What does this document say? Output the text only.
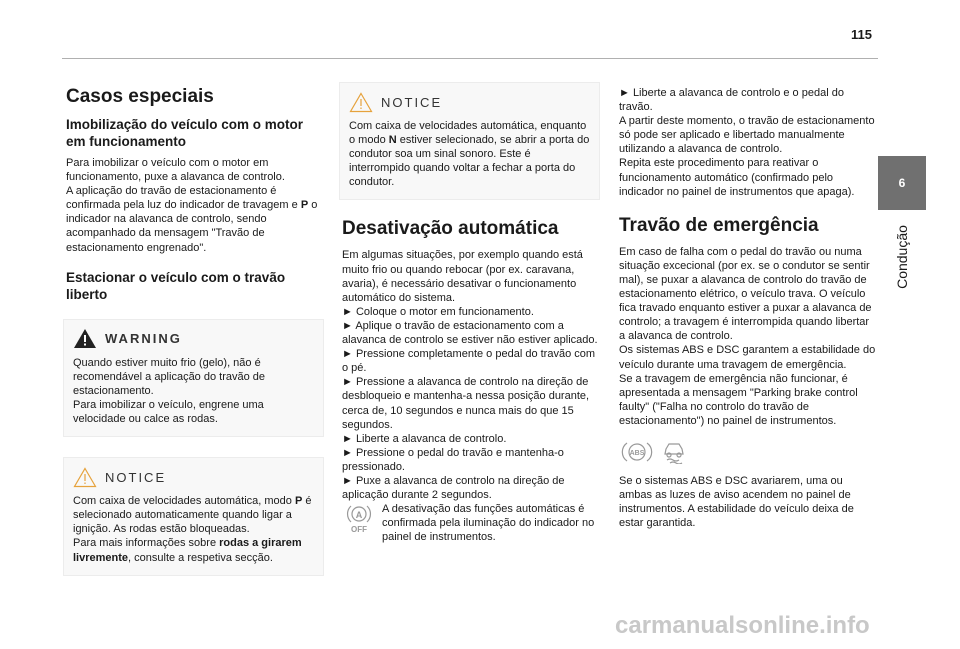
115
6
Condução
Casos especiais
Imobilização do veículo com o motor em funcionamento

Para imobilizar o veículo com o motor em funcionamento, puxe a alavanca de controlo.

A aplicação do travão de estacionamento é confirmada pela luz do indicador de travagem e P o indicador na alavanca de controlo, sendo acompanhado da mensagem "Travão de estacionamento engrenado".

Estacionar o veículo com o travão liberto
WARNING

Quando estiver muito frio (gelo), não é recomendável a aplicação do travão de estacionamento.

Para imobilizar o veículo, engrene uma velocidade ou calce as rodas.

NOTICE

Com caixa de velocidades automática, modo P é selecionado automaticamente quando ligar a ignição. As rodas estão bloqueadas.

Para mais informações sobre rodas a girarem livremente, consulte a respetiva secção.

NOTICE

Com caixa de velocidades automática, enquanto o modo N estiver selecionado, se abrir a porta do condutor soa um sinal sonoro. Este é interrompido quando voltar a fechar a porta do condutor.

Desativação automática

Em algumas situações, por exemplo quando está muito frio ou quando rebocar (por ex. caravana, avaria), é necessário desativar o funcionamento automático do sistema.

► Coloque o motor em funcionamento.

► Aplique o travão de estacionamento com a alavanca de controlo se estiver não estiver aplicado.

► Pressione completamente o pedal do travão com o pé.

► Pressione a alavanca de controlo na direção de desbloqueio e mantenha-a nessa posição durante, cerca de, 10 segundos e nunca mais do que 15 segundos.

► Liberte a alavanca de controlo.

► Pressione o pedal do travão e mantenha-o pressionado.

► Puxe a alavanca de controlo na direção de aplicação durante 2 segundos.

A
OFF

A desativação das funções automáticas é confirmada pela iluminação do indicador no painel de instrumentos.

► Liberte a alavanca de controlo e o pedal do travão.

A partir deste momento, o travão de estacionamento só pode ser aplicado e libertado manualmente utilizando a alavanca de controlo.

Repita este procedimento para reativar o funcionamento automático (confirmado pelo indicador no painel de instrumentos que apaga).

Travão de emergência

Em caso de falha com o pedal do travão ou numa situação excecional (por ex. se o condutor se sentir mal), se puxar a alavanca de controlo do travão de estacionamento elétrico, o veículo trava. O veículo fica travado enquanto estiver a puxar a alavanca de controlo; a travagem é interrompida quando libertar a alavanca de controlo.

Os sistemas ABS e DSC garantem a estabilidade do veículo durante uma travagem de emergência.

Se a travagem de emergência não funcionar, é apresentada a mensagem "Parking brake control faulty" ("Falha no controlo do travão de estacionamento") no painel de instrumentos.

ABS

Se o sistemas ABS e DSC avariarem, uma ou ambas as luzes de aviso acendem no painel de instrumentos. A estabilidade do veículo deixa de estar garantida.

carmanualsonline.info
